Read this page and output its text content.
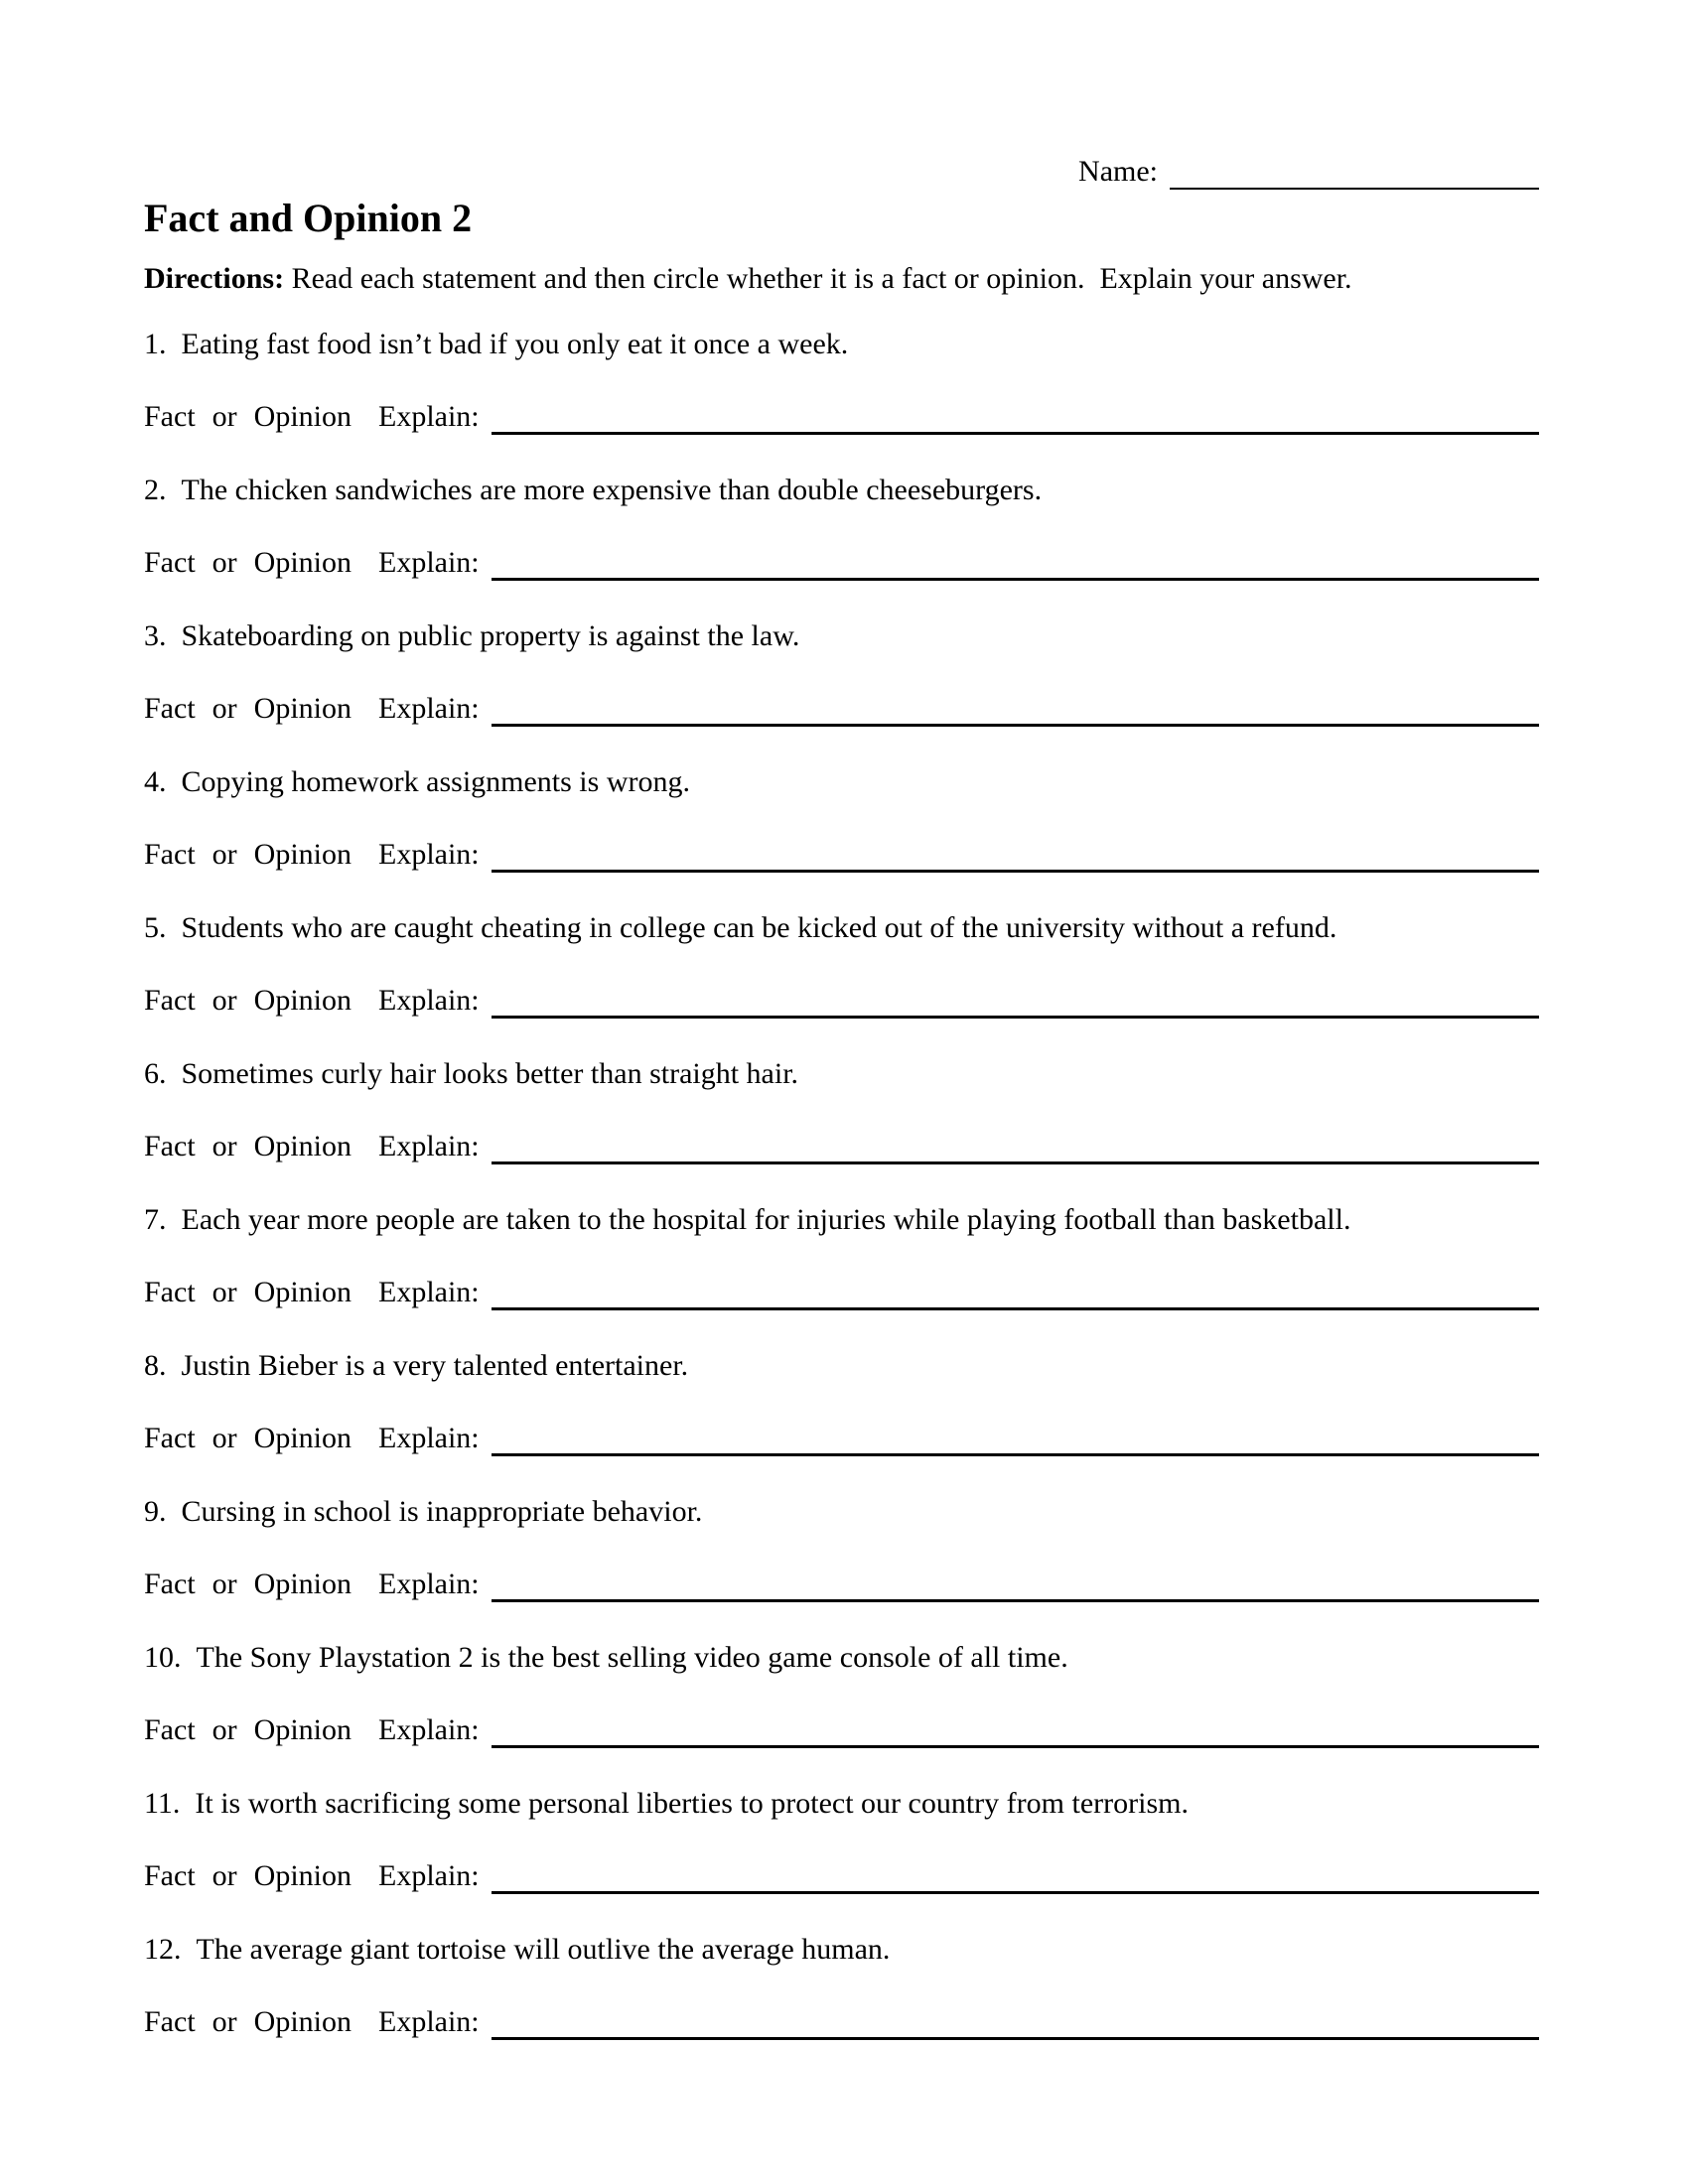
Name:
Fact and Opinion 2

Directions: Read each statement and then circle whether it is a fact or opinion.  Explain your answer.

1. Eating fast food isn’t bad if you only eat it once a week.

Fact or Opinion Explain:

2. The chicken sandwiches are more expensive than double cheeseburgers.

Fact or Opinion Explain:

3. Skateboarding on public property is against the law.

Fact or Opinion Explain:

4. Copying homework assignments is wrong.

Fact or Opinion Explain:

5. Students who are caught cheating in college can be kicked out of the university without a refund.

Fact or Opinion Explain:

6. Sometimes curly hair looks better than straight hair.

Fact or Opinion Explain:

7. Each year more people are taken to the hospital for injuries while playing football than basketball.

Fact or Opinion Explain:

8. Justin Bieber is a very talented entertainer.

Fact or Opinion Explain:

9. Cursing in school is inappropriate behavior.

Fact or Opinion Explain:

10. The Sony Playstation 2 is the best selling video game console of all time.

Fact or Opinion Explain:

11. It is worth sacrificing some personal liberties to protect our country from terrorism.

Fact or Opinion Explain:

12. The average giant tortoise will outlive the average human.

Fact or Opinion Explain:
